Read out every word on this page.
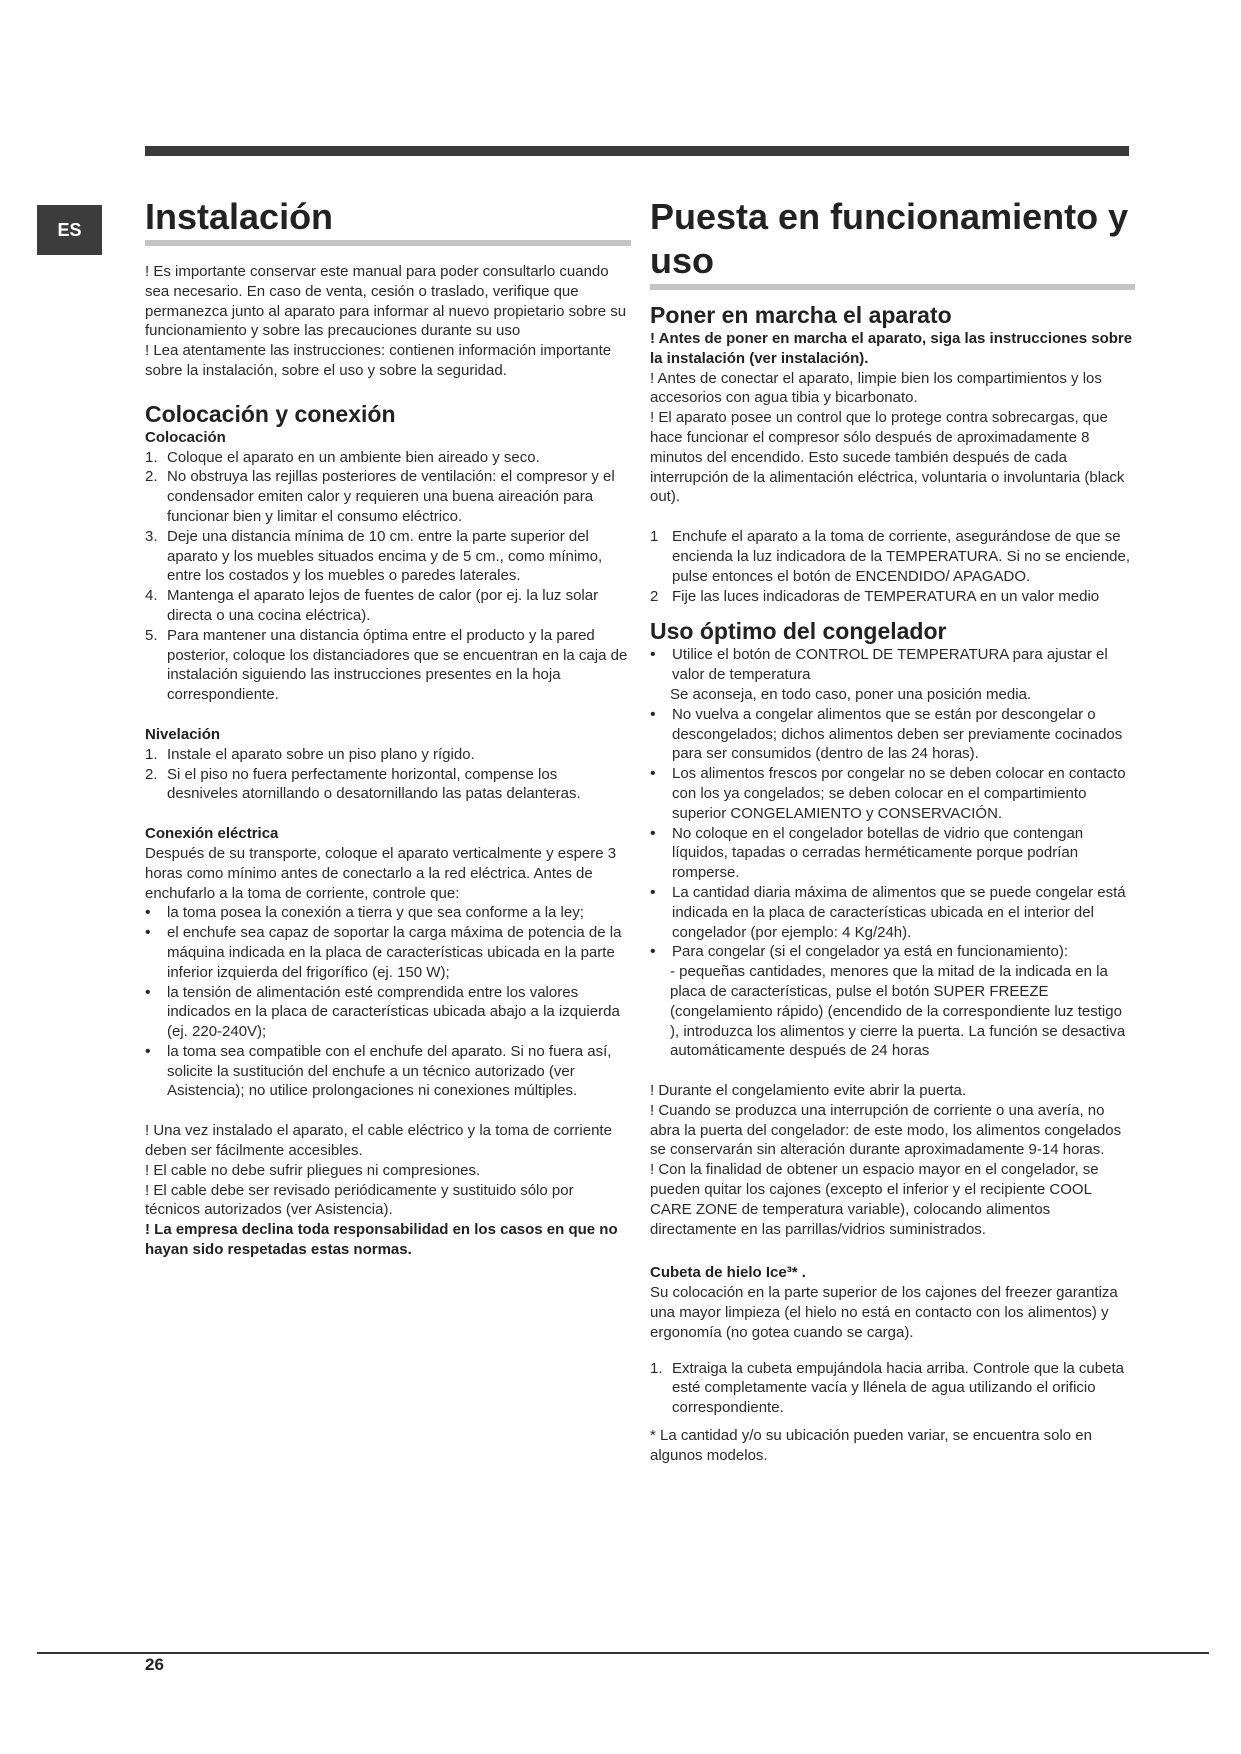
ES	Instalación

! Es importante conservar este manual para poder consultarlo cuando sea necesario. En caso de venta, cesión o traslado, verifique que permanezca junto al aparato para informar al nuevo propietario sobre su funcionamiento y sobre las precauciones durante su uso

! Lea atentamente las instrucciones: contienen información importante sobre la instalación, sobre el uso y sobre la seguridad.

Colocación y conexión
Colocación
1. Coloque el aparato en un ambiente bien aireado y seco.
2. No obstruya las rejillas posteriores de ventilación: el compresor y el condensador emiten calor y requieren una buena aireación para funcionar bien y limitar el consumo eléctrico.
3. Deje una distancia mínima de 10 cm. entre la parte superior del aparato y los muebles situados encima y de 5 cm., como mínimo, entre los costados y los muebles o paredes laterales.
4. Mantenga el aparato lejos de fuentes de calor (por ej. la luz solar directa o una cocina eléctrica).
5. Para mantener una distancia óptima entre el producto y la pared posterior, coloque los distanciadores que se encuentran en la caja de instalación siguiendo las instrucciones presentes en la hoja correspondiente.
Nivelación
1. Instale el aparato sobre un piso plano y rígido.
2. Si el piso no fuera perfectamente horizontal, compense los desniveles atornillando o desatornillando las patas delanteras.
Conexión eléctrica

Después de su transporte, coloque el aparato verticalmente y espere 3 horas como mínimo antes de conectarlo a la red eléctrica. Antes de enchufarlo a la toma de corriente, controle que:

•	la toma posea la conexión a tierra y que sea conforme a la ley;
•	el enchufe sea capaz de soportar la carga máxima de potencia de la máquina indicada en la placa de características ubicada en la parte inferior izquierda del frigorífico (ej. 150 W);
•	la tensión de alimentación esté comprendida entre los valores indicados en la placa de características ubicada abajo a la izquierda (ej. 220-240V);
•	la toma sea compatible con el enchufe del aparato. Si no fuera así, solicite la sustitución del enchufe a un técnico autorizado (ver Asistencia); no utilice prolongaciones ni conexiones múltiples.

! Una vez instalado el aparato, el cable eléctrico y la toma de corriente deben ser fácilmente accesibles.

! El cable no debe sufrir pliegues ni compresiones.

! El cable debe ser revisado periódicamente y sustituido sólo por técnicos autorizados (ver Asistencia).

! La empresa declina toda responsabilidad en los casos en que no hayan sido respetadas estas normas.

Puesta en funcionamiento y uso
Poner en marcha el aparato

! Antes de poner en marcha el aparato, siga las instrucciones sobre la instalación (ver instalación).

! Antes de conectar el aparato, limpie bien los compartimientos y los accesorios con agua tibia y bicarbonato.

! El aparato posee un control que lo protege contra sobrecargas, que hace funcionar el compresor sólo después de aproximadamente 8 minutos del encendido. Esto sucede también después de cada interrupción de la alimentación eléctrica, voluntaria o involuntaria (black out).

1 Enchufe el aparato a la toma de corriente, asegurándose de que se encienda la luz indicadora de la TEMPERATURA. Si no se enciende, pulse entonces el botón de ENCENDIDO/ APAGADO.
2 Fije las luces indicadoras de TEMPERATURA en un valor medio
Uso óptimo del congelador
•	Utilice el botón de CONTROL DE TEMPERATURA para ajustar el valor de temperatura

Se aconseja, en todo caso, poner una posición media.

•	No vuelva a congelar alimentos que se están por descongelar o descongelados; dichos alimentos deben ser previamente cocinados para ser consumidos (dentro de las 24 horas).
•	Los alimentos frescos por congelar no se deben colocar en contacto con los ya congelados; se deben colocar en el compartimiento superior CONGELAMIENTO y CONSERVACIÓN.
•	No coloque en el congelador botellas de vidrio que contengan líquidos, tapadas o cerradas herméticamente porque podrían romperse.
•	La cantidad diaria máxima de alimentos que se puede congelar está indicada en la placa de características ubicada en el interior del congelador (por ejemplo: 4 Kg/24h).
•	Para congelar (si el congelador ya está en funcionamiento):

- pequeñas cantidades, menores que la mitad de la indicada en la placa de características, pulse el botón SUPER FREEZE (congelamiento rápido) (encendido de la correspondiente luz testigo ), introduzca los alimentos y cierre la puerta. La función se desactiva automáticamente después de 24 horas

! Durante el congelamiento evite abrir la puerta.

! Cuando se produzca una interrupción de corriente o una avería, no abra la puerta del congelador: de este modo, los alimentos congelados se conservarán sin alteración durante aproximadamente 9-14 horas.

! Con la finalidad de obtener un espacio mayor en el congelador, se pueden quitar los cajones (excepto el inferior y el recipiente COOL CARE ZONE de temperatura variable), colocando alimentos directamente en las parrillas/vidrios suministrados.

Cubeta de hielo Ice³* .

Su colocación en la parte superior de los cajones del freezer garantiza una mayor limpieza (el hielo no está en contacto con los alimentos) y ergonomía (no gotea cuando se carga).

1. Extraiga la cubeta empujándola hacia arriba. Controle que la cubeta esté completamente vacía y llénela de agua utilizando el orificio correspondiente.

* La cantidad y/o su ubicación pueden variar, se encuentra solo en algunos modelos.

26
